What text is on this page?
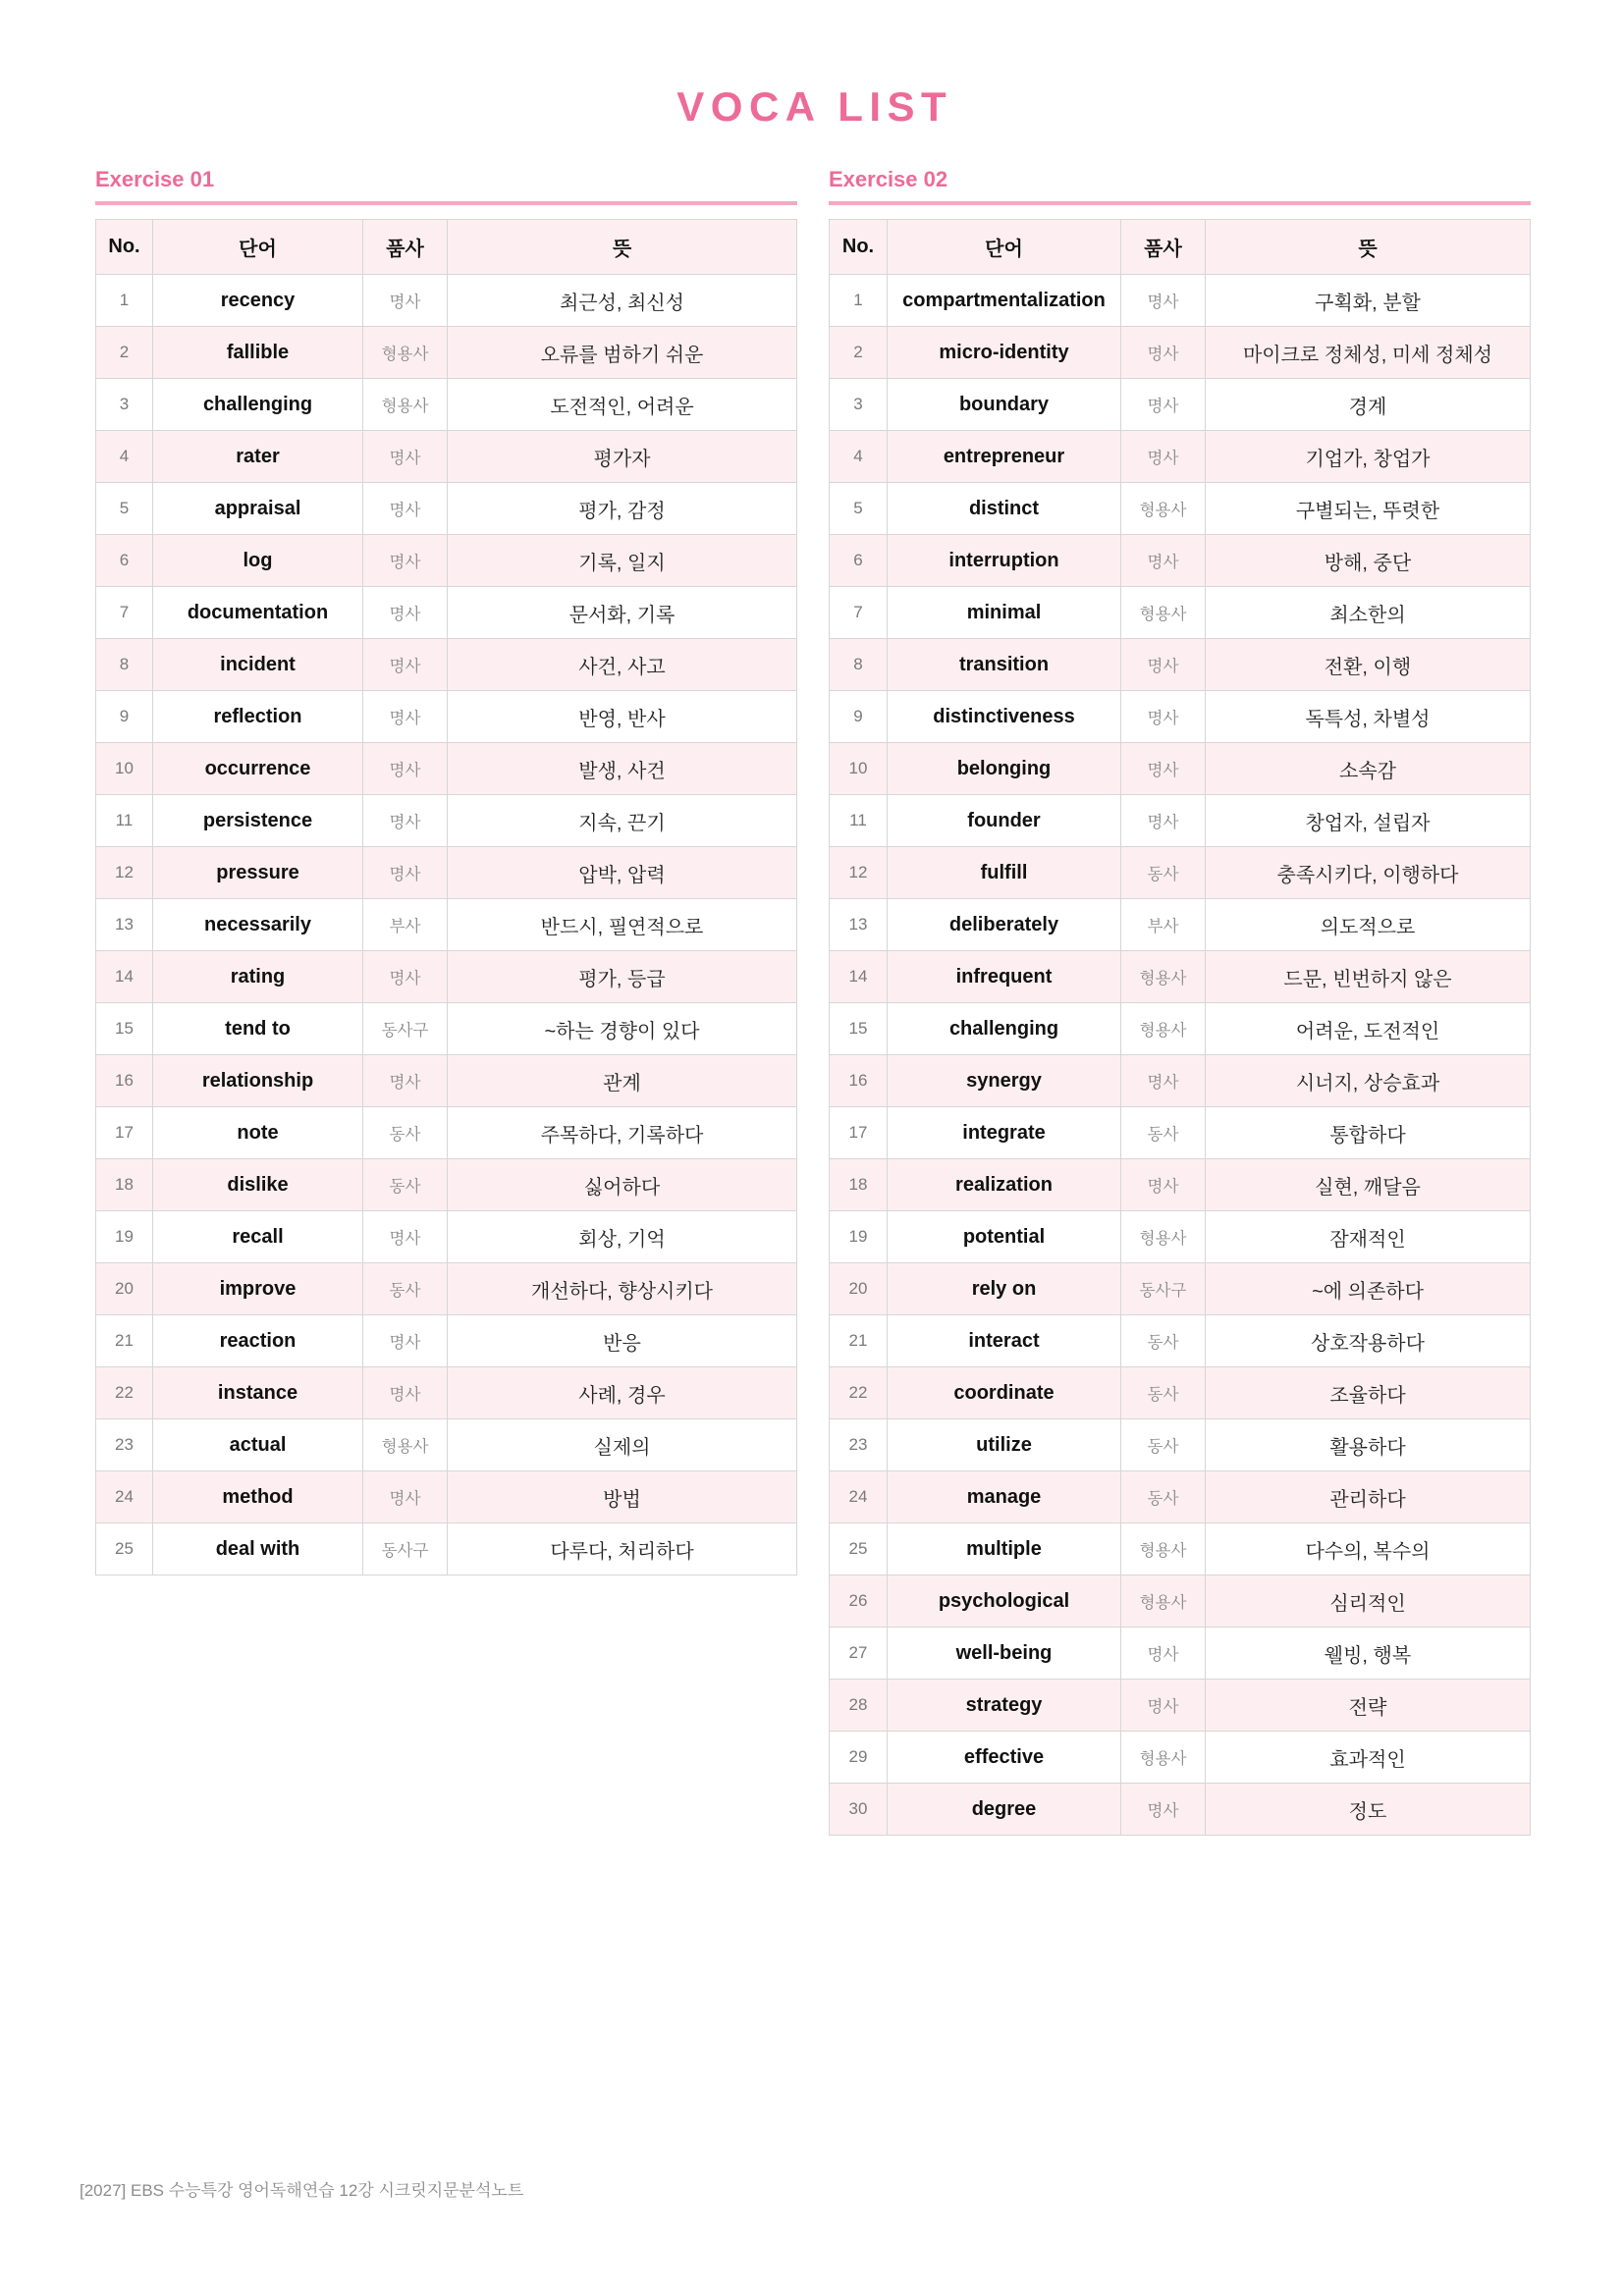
VOCA LIST
Exercise 01
No.	단어	품사	뜻
1	recency	명사	최근성, 최신성
2	fallible	형용사	오류를 범하기 쉬운
3	challenging	형용사	도전적인, 어려운
4	rater	명사	평가자
5	appraisal	명사	평가, 감정
6	log	명사	기록, 일지
7	documentation	명사	문서화, 기록
8	incident	명사	사건, 사고
9	reflection	명사	반영, 반사
10	occurrence	명사	발생, 사건
11	persistence	명사	지속, 끈기
12	pressure	명사	압박, 압력
13	necessarily	부사	반드시, 필연적으로
14	rating	명사	평가, 등급
15	tend to	동사구	~하는 경향이 있다
16	relationship	명사	관계
17	note	동사	주목하다, 기록하다
18	dislike	동사	싫어하다
19	recall	명사	회상, 기억
20	improve	동사	개선하다, 향상시키다
21	reaction	명사	반응
22	instance	명사	사례, 경우
23	actual	형용사	실제의
24	method	명사	방법
25	deal with	동사구	다루다, 처리하다
Exercise 02
No.	단어	품사	뜻
1	compartmentalization	명사	구획화, 분할
2	micro-identity	명사	마이크로 정체성, 미세 정체성
3	boundary	명사	경계
4	entrepreneur	명사	기업가, 창업가
5	distinct	형용사	구별되는, 뚜렷한
6	interruption	명사	방해, 중단
7	minimal	형용사	최소한의
8	transition	명사	전환, 이행
9	distinctiveness	명사	독특성, 차별성
10	belonging	명사	소속감
11	founder	명사	창업자, 설립자
12	fulfill	동사	충족시키다, 이행하다
13	deliberately	부사	의도적으로
14	infrequent	형용사	드문, 빈번하지 않은
15	challenging	형용사	어려운, 도전적인
16	synergy	명사	시너지, 상승효과
17	integrate	동사	통합하다
18	realization	명사	실현, 깨달음
19	potential	형용사	잠재적인
20	rely on	동사구	~에 의존하다
21	interact	동사	상호작용하다
22	coordinate	동사	조율하다
23	utilize	동사	활용하다
24	manage	동사	관리하다
25	multiple	형용사	다수의, 복수의
26	psychological	형용사	심리적인
27	well-being	명사	웰빙, 행복
28	strategy	명사	전략
29	effective	형용사	효과적인
30	degree	명사	정도
[2027] EBS 수능특강 영어독해연습 12강 시크릿지문분석노트
